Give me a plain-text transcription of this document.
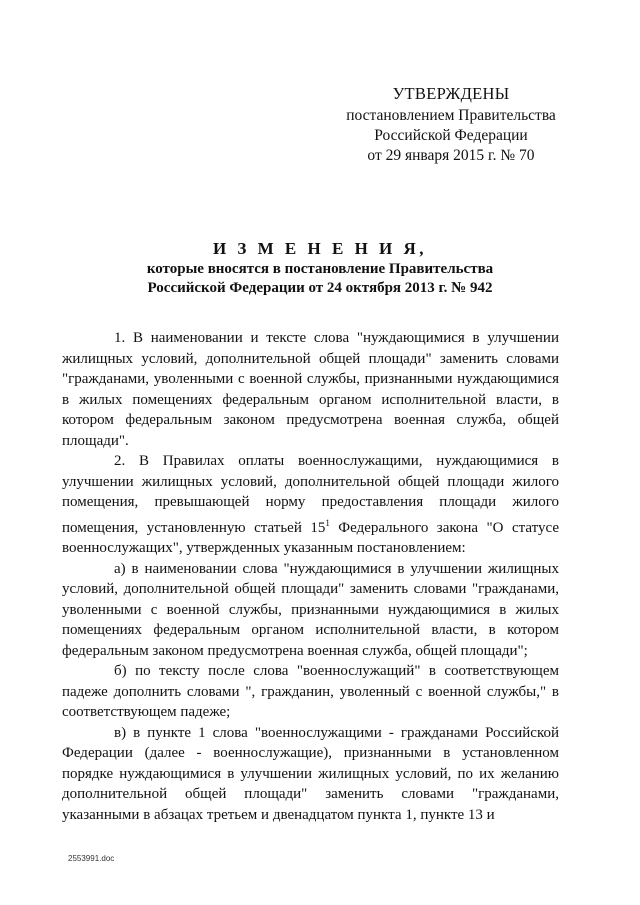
УТВЕРЖДЕНЫ
постановлением Правительства
Российской Федерации
от 29 января 2015 г. № 70
И З М Е Н Е Н И Я,
которые вносятся в постановление Правительства
Российской Федерации от 24 октября 2013 г. № 942

1. В наименовании и тексте слова "нуждающимися в улучшении жилищных условий, дополнительной общей площади" заменить словами "гражданами, уволенными с военной службы, признанными нуждающимися в жилых помещениях федеральным органом исполнительной власти, в котором федеральным законом предусмотрена военная служба, общей площади".

2. В Правилах оплаты военнослужащими, нуждающимися в улучшении жилищных условий, дополнительной общей площади жилого помещения, превышающей норму предоставления площади жилого помещения, установленную статьей $15^1$ Федерального закона "О статусе военнослужащих", утвержденных указанным постановлением:

а) в наименовании слова "нуждающимися в улучшении жилищных условий, дополнительной общей площади" заменить словами "гражданами, уволенными с военной службы, признанными нуждающимися в жилых помещениях федеральным органом исполнительной власти, в котором федеральным законом предусмотрена военная служба, общей площади";

б) по тексту после слова "военнослужащий" в соответствующем падеже дополнить словами ", гражданин, уволенный с военной службы," в соответствующем падеже;

в) в пункте 1 слова "военнослужащими - гражданами Российской Федерации (далее - военнослужащие), признанными в установленном порядке нуждающимися в улучшении жилищных условий, по их желанию дополнительной общей площади" заменить словами "гражданами, указанными в абзацах третьем и двенадцатом пункта 1, пункте 13 и

2553991.doc
